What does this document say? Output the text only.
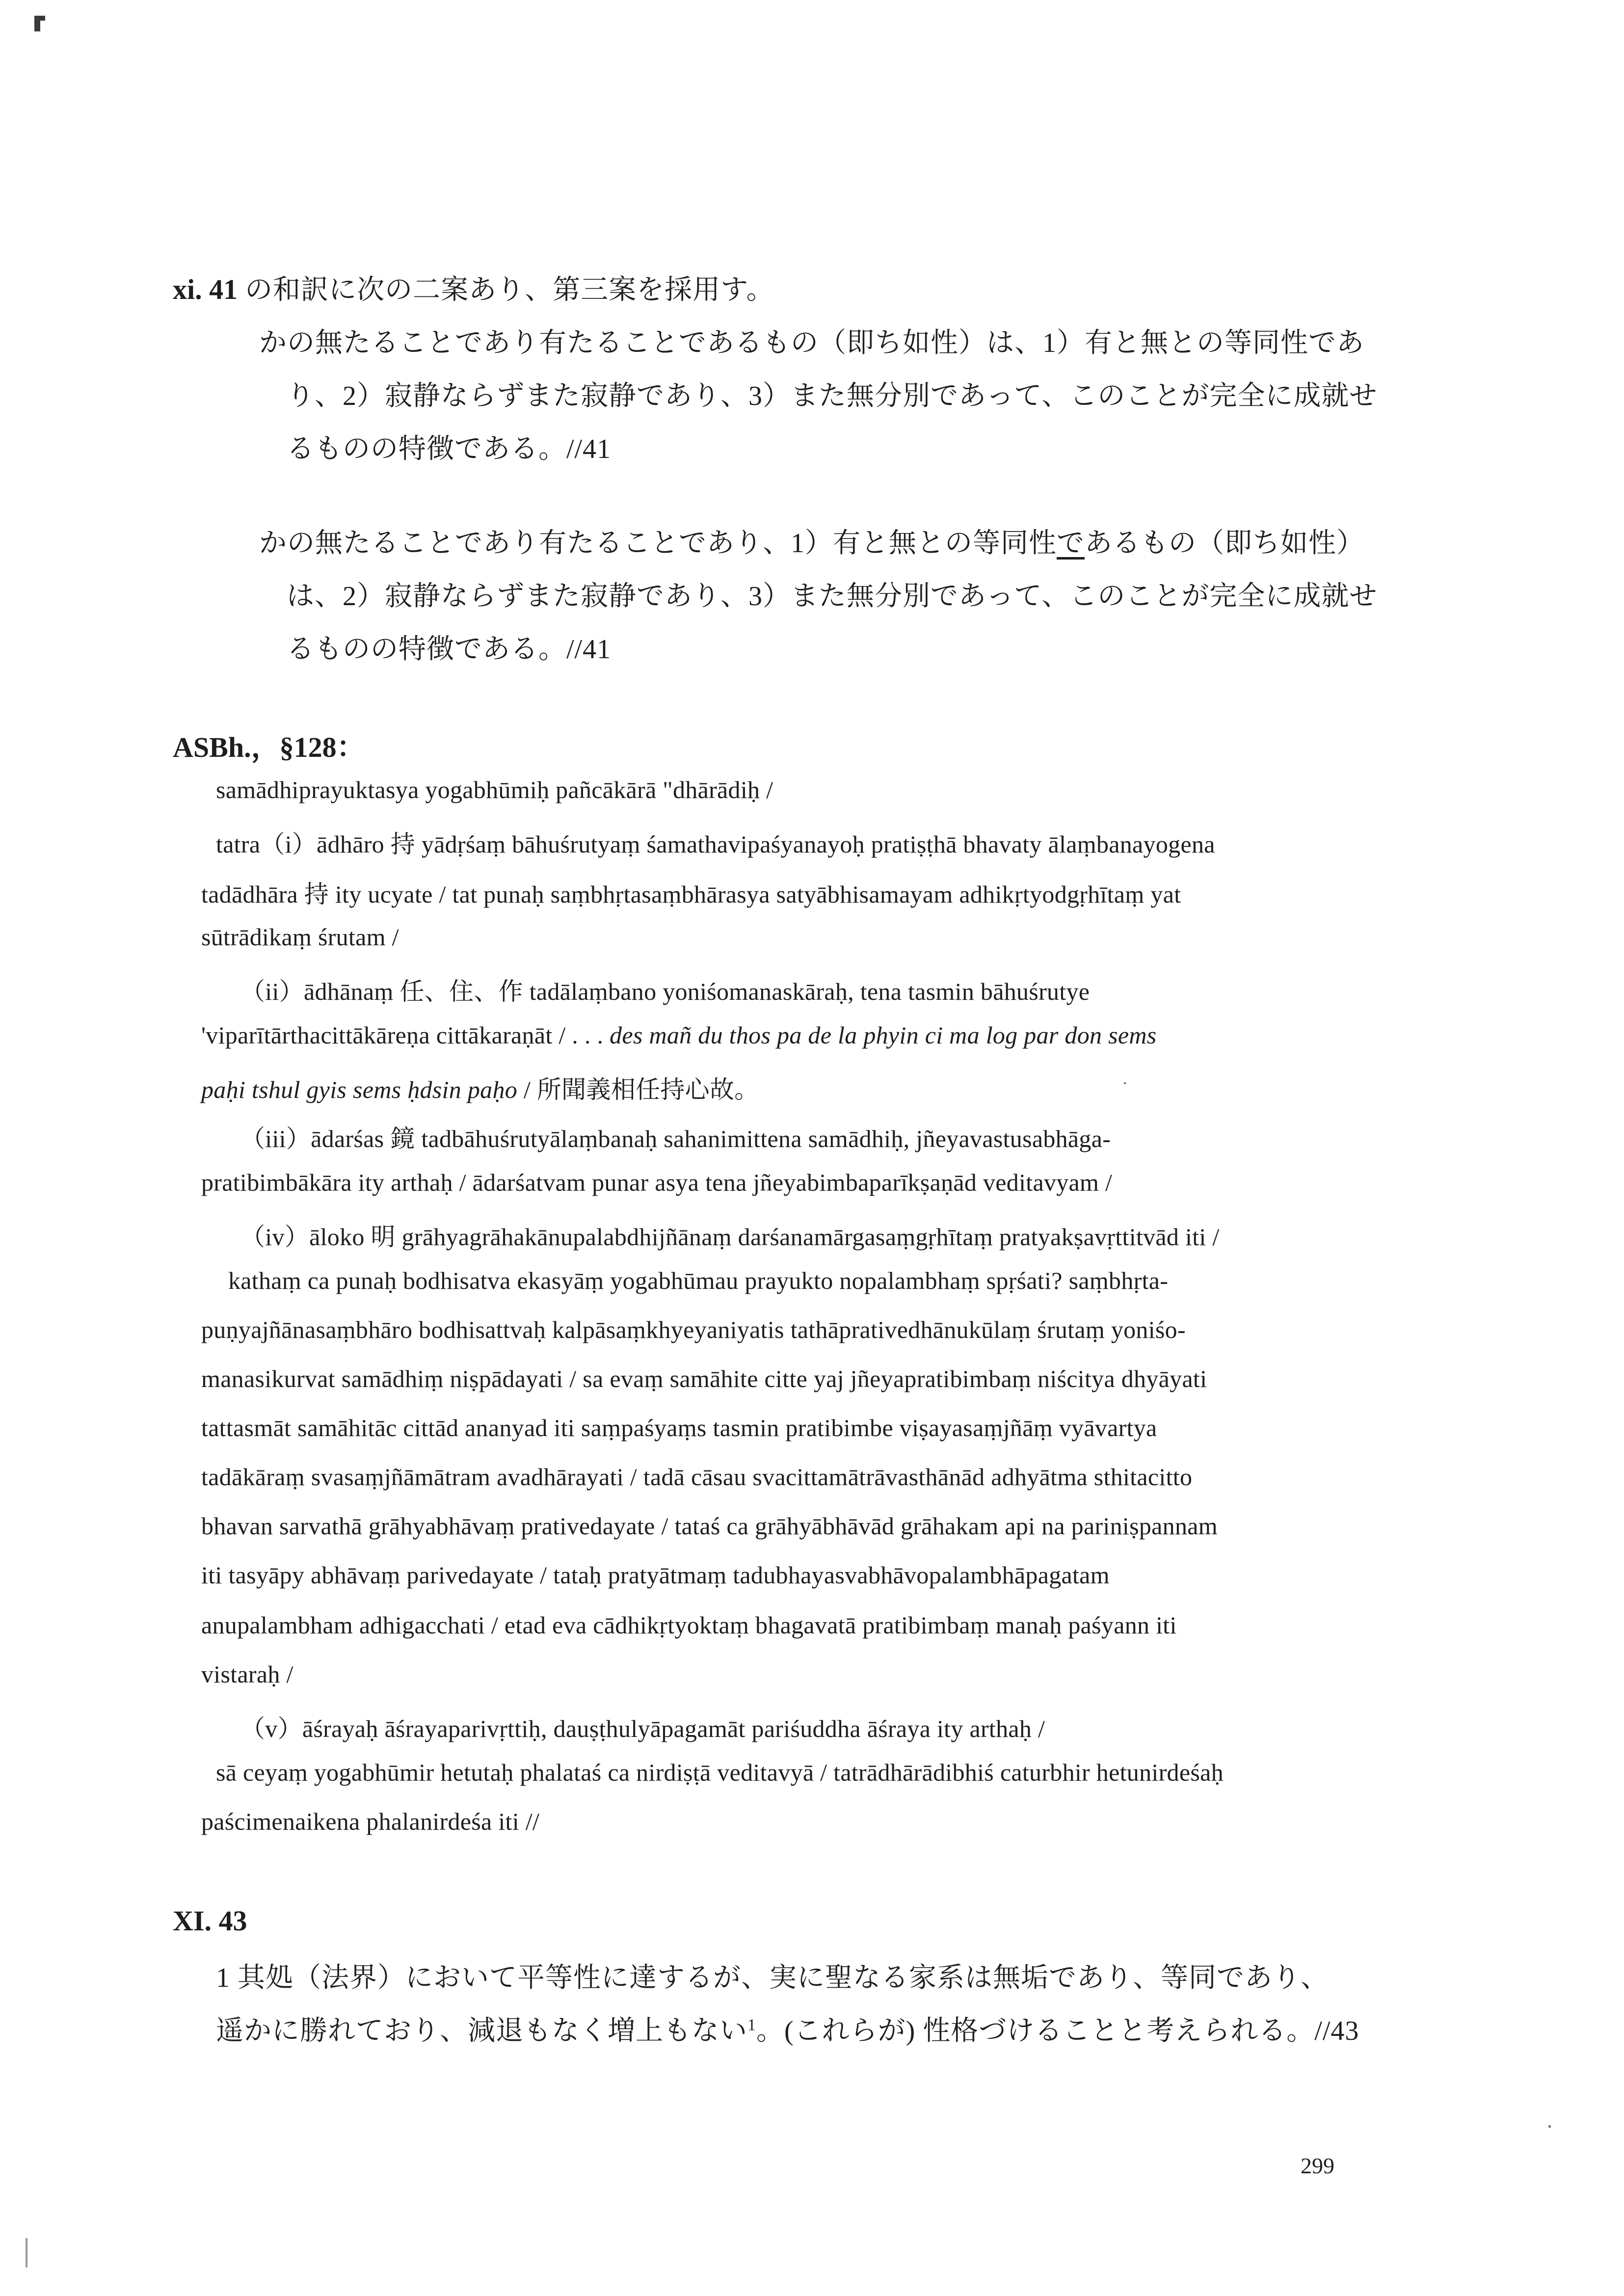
xi. 41 の和訳に次の二案あり、第三案を採用す。
かの無たることであり有たることであるもの（即ち如性）は、1）有と無との等同性であ
り、2）寂静ならずまた寂静であり、3）また無分別であって、このことが完全に成就せ
るものの特徴である。//41
かの無たることであり有たることであり、1）有と無との等同性であるもの（即ち如性）
は、2）寂静ならずまた寂静であり、3）また無分別であって、このことが完全に成就せ
るものの特徴である。//41
ASBh.，§128：
samādhiprayuktasya yogabhūmiḥ pañcākārā "dhārādiḥ /
tatra（i）ādhāro 持 yādṛśaṃ bāhuśrutyaṃ śamathavipaśyanayoḥ pratiṣṭhā bhavaty ālaṃbanayogena
tadādhāra 持 ity ucyate / tat punaḥ saṃbhṛtasaṃbhārasya satyābhisamayam adhikṛtyodgṛhītaṃ yat
sūtrādikaṃ śrutam /
（ii）ādhānaṃ 任、住、作 tadālaṃbano yoniśomanaskāraḥ, tena tasmin bāhuśrutye
'viparītārthacittākāreṇa cittākaraṇāt / . . . des mañ du thos pa de la phyin ci ma log par don sems
paḥi tshul gyis sems ḥdsin paḥo / 所聞義相任持心故。
（iii）ādarśas 鏡 tadbāhuśrutyālaṃbanaḥ sahanimittena samādhiḥ, jñeyavastusabhāga-
pratibimbākāra ity arthaḥ / ādarśatvam punar asya tena jñeyabimbaparīkṣaṇād veditavyam /
（iv）āloko 明 grāhyagrāhakānupalabdhijñānaṃ darśanamārgasaṃgṛhītaṃ pratyakṣavṛttitvād iti /
kathaṃ ca punaḥ bodhisatva ekasyāṃ yogabhūmau prayukto nopalambhaṃ spṛśati? saṃbhṛta-
puṇyajñānasaṃbhāro bodhisattvaḥ kalpāsaṃkhyeyaniyatis tathāprativedhānukūlaṃ śrutaṃ yoniśo-
manasikurvat samādhiṃ niṣpādayati / sa evaṃ samāhite citte yaj jñeyapratibimbaṃ niścitya dhyāyati
tattasmāt samāhitāc cittād ananyad iti saṃpaśyaṃs tasmin pratibimbe viṣayasaṃjñāṃ vyāvartya
tadākāraṃ svasaṃjñāmātram avadhārayati / tadā cāsau svacittamātrāvasthānād adhyātma sthitacitto
bhavan sarvathā grāhyabhāvaṃ prativedayate / tataś ca grāhyābhāvād grāhakam api na pariniṣpannam
iti tasyāpy abhāvaṃ parivedayate / tataḥ pratyātmaṃ tadubhayasvabhāvopalambhāpagatam
anupalambham adhigacchati / etad eva cādhikṛtyoktaṃ bhagavatā pratibimbaṃ manaḥ paśyann iti
vistaraḥ /
（v）āśrayaḥ āśrayaparivṛttiḥ, dauṣṭhulyāpagamāt pariśuddha āśraya ity arthaḥ /
sā ceyaṃ yogabhūmir hetutaḥ phalataś ca nirdiṣṭā veditavyā / tatrādhārādibhiś caturbhir hetunirdeśaḥ
paścimenaikena phalanirdeśa iti //
XI. 43
1 其処（法界）において平等性に達するが、実に聖なる家系は無垢であり、等同であり、
遥かに勝れており、減退もなく増上もない$^1$。(これらが) 性格づけることと考えられる。//43
299
